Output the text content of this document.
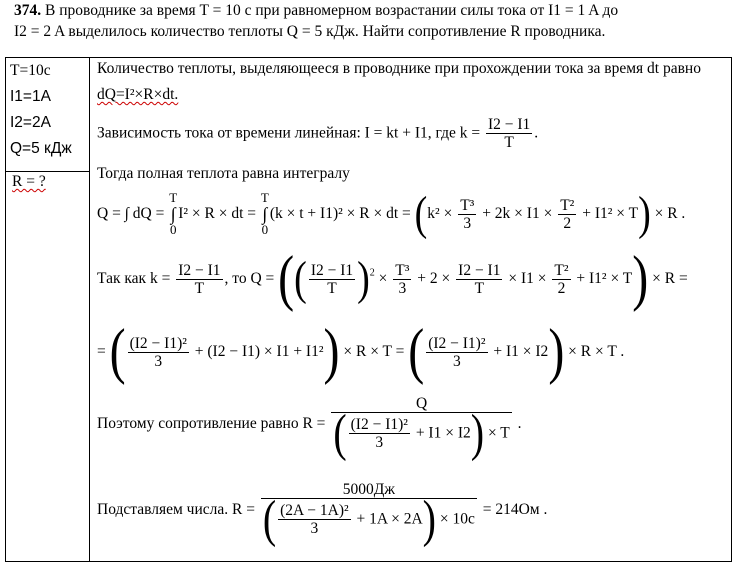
374. В проводнике за время T = 10 с при равномерном возрастании силы тока от I1 = 1 A до
I2 = 2 A выделилось количество теплоты Q = 5 кДж. Найти сопротивление R проводника.
T=10c
I1=1A
I2=2A
Q=5 кДж
R = ?
Количество теплоты, выделяющееся в проводнике при прохождении тока за время dt равно
dQ=I²×R×dt.
Зависимость тока от времени линейная: I = kt + I1, где $k = \frac{I2 - I1}{T}$ .
Тогда полная теплота равна интегралу
Q = ∫ dQ =
T
∫
0
I² × R × dt =
T
∫
0
(k × t + I1)² × R × dt = $(k^2 \times \frac{\text{T³}}{3} + 2k \times I1 \times \frac{\text{T²}}{2} + I1^2 \times T) \times R$ .
Так как $k = \frac{I2 - I1}{T}$ , то Q = (( $\frac{I2 - I1}{T} )^2 \times \frac{\text{T³}}{3} + 2 \times \frac{I2 - I1}{T} \times I1 \times \frac{\text{T²}}{2} + I1^2 \times T) \times R$ =
= ( $\frac{\text{(I2 − I1)²}}{3} + (I2 - I1) \times I1 + I1^2) \times R \times T$ = ( $\frac{\text{(I2 − I1)²}}{3} + I1 \times I2) \times R \times T$ .
Поэтому сопротивление равно $R = \frac{Q}{( \frac{\text{(I2 − I1)²}}{3} + I1 \times I2) \times T}$ .
Подставляем числа. $R = \frac{5000Дж}{( \frac{\text{(2A − 1A)²}}{3} + 1A \times 2A) \times 10c} = 214Ом$ .
